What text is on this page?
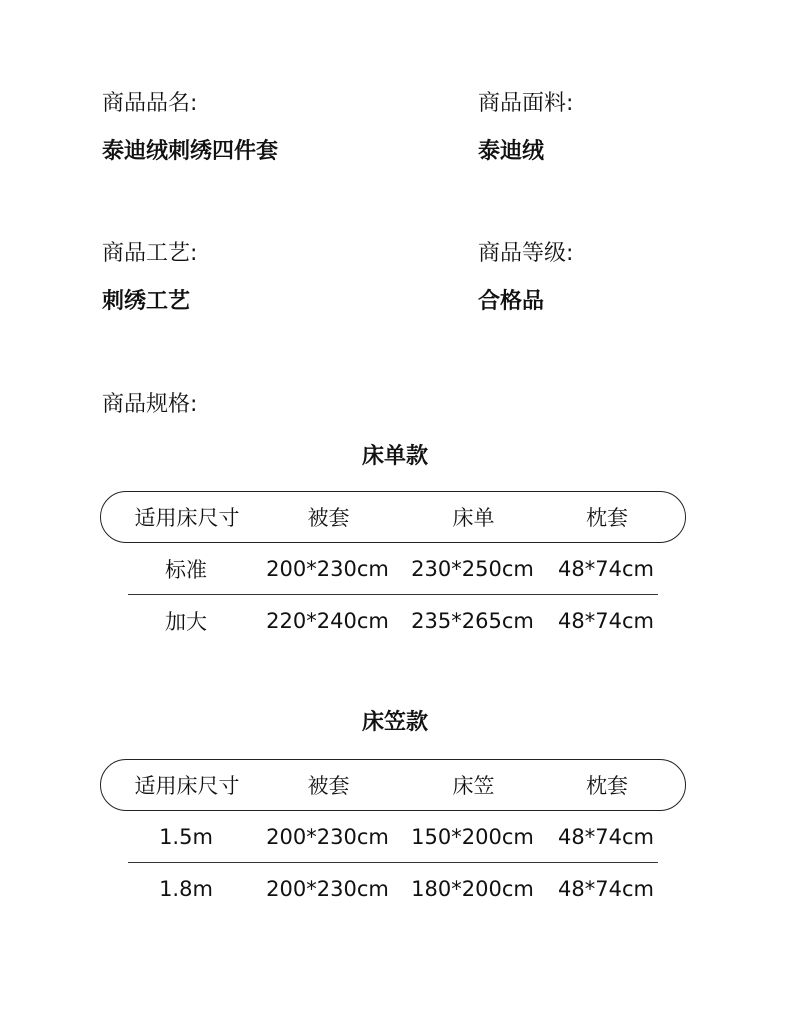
商品品名:
泰迪绒刺绣四件套
商品面料:
泰迪绒
商品工艺:
刺绣工艺
商品等级:
合格品
商品规格:
床单款
适用床尺寸	被套	床单	枕套
标准	200*230cm	230*250cm	48*74cm
加大	220*240cm	235*265cm	48*74cm
床笠款
适用床尺寸	被套	床笠	枕套
1.5m	200*230cm	150*200cm	48*74cm
1.8m	200*230cm	180*200cm	48*74cm
